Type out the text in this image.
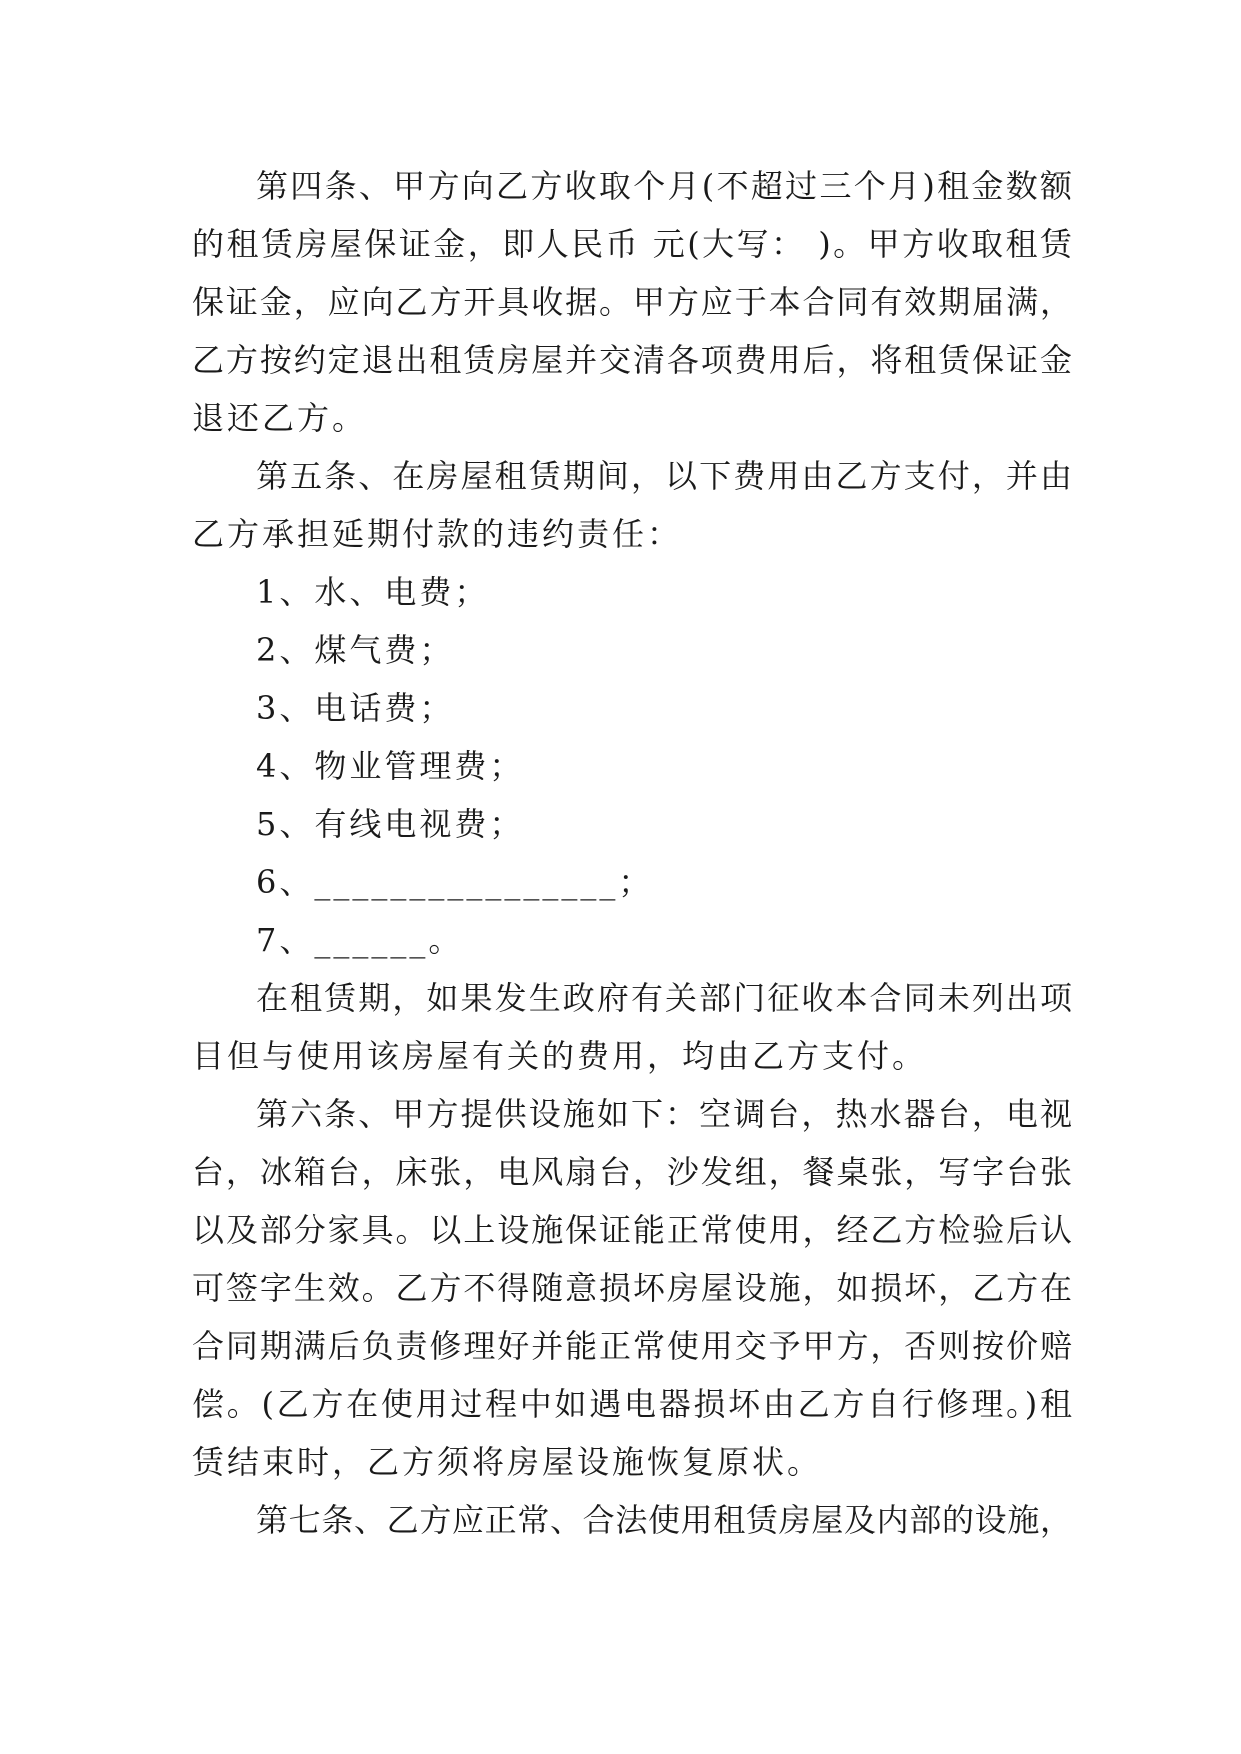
第四条、甲方向乙方收取个月(不超过三个月)租金数额
的租赁房屋保证金，即人民币 元(大写： )。甲方收取租赁
保证金，应向乙方开具收据。甲方应于本合同有效期届满，
乙方按约定退出租赁房屋并交清各项费用后，将租赁保证金
退还乙方。
第五条、在房屋租赁期间，以下费用由乙方支付，并由
乙方承担延期付款的违约责任：
1、水、电费；
2、煤气费；
3、电话费；
4、物业管理费；
5、有线电视费；
6、________________；
7、______。
在租赁期，如果发生政府有关部门征收本合同未列出项
目但与使用该房屋有关的费用，均由乙方支付。
第六条、甲方提供设施如下：空调台，热水器台，电视
台，冰箱台，床张，电风扇台，沙发组，餐桌张，写字台张
以及部分家具。以上设施保证能正常使用，经乙方检验后认
可签字生效。乙方不得随意损坏房屋设施，如损坏，乙方在
合同期满后负责修理好并能正常使用交予甲方，否则按价赔
偿。(乙方在使用过程中如遇电器损坏由乙方自行修理。)租
赁结束时，乙方须将房屋设施恢复原状。
第七条、乙方应正常、合法使用租赁房屋及内部的设施，
